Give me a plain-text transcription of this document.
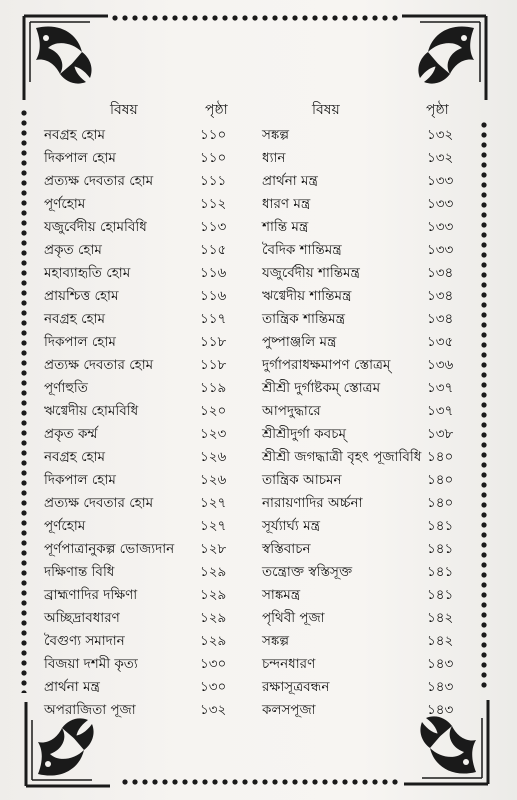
বিষয়	পৃষ্ঠা	বিষয়	পৃষ্ঠা
নবগ্রহ হোম	১১০	সঙ্কল্প	১৩২
দিকপাল হোম	১১০	ধ্যান	১৩২
প্রত্যক্ষ দেবতার হোম	১১১	প্রার্থনা মন্ত্র	১৩৩
পূর্ণহোম	১১২	ধারণ মন্ত্র	১৩৩
যজুর্বেদীয় হোমবিধি	১১৩	শান্তি মন্ত্র	১৩৩
প্রকৃত হোম	১১৫	বৈদিক শান্তিমন্ত্র	১৩৩
মহাব্যাহৃতি হোম	১১৬	যজুর্বেদীয় শান্তিমন্ত্র	১৩৪
প্রায়শ্চিত্ত হোম	১১৬	ঋগ্বেদীয় শান্তিমন্ত্র	১৩৪
নবগ্রহ হোম	১১৭	তান্ত্রিক শান্তিমন্ত্র	১৩৪
দিকপাল হোম	১১৮	পুষ্পাঞ্জলি মন্ত্র	১৩৫
প্রত্যক্ষ দেবতার হোম	১১৮	দুর্গাপরাধক্ষমাপণ স্তোত্রম্	১৩৬
পূর্ণাহুতি	১১৯	শ্রীশ্রী দুর্গাষ্টকম্ স্তোত্রম	১৩৭
ঋগ্বেদীয় হোমবিধি	১২০	আপদুদ্ধারে	১৩৭
প্রকৃত কর্ম্ম	১২৩	শ্রীশ্রীদুর্গা কবচম্	১৩৮
নবগ্রহ হোম	১২৬	শ্রীশ্রী জগদ্ধাত্রী বৃহৎ পূজাবিধি ১৪০
দিকপাল হোম	১২৬	তান্ত্রিক আচমন	১৪০
প্রত্যক্ষ দেবতার হোম	১২৭	নারায়ণাদির অর্চ্চনা	১৪০
পূর্ণহোম	১২৭	সূর্য্যার্ঘ্য মন্ত্র	১৪১
পূর্ণপাত্রানুকল্প ভোজ্যদান ১২৮	স্বস্তিবাচন	১৪১
দক্ষিণান্ত বিধি	১২৯	তন্ত্রোক্ত স্বস্তিসূক্ত	১৪১
ব্রাহ্মণাদির দক্ষিণা	১২৯	সাঙ্কমন্ত্র	১৪১
অচ্ছিদ্রাবধারণ	১২৯	পৃথিবী পূজা	১৪২
বৈগুণ্য সমাদান	১২৯	সঙ্কল্প	১৪২
বিজয়া দশমী কৃত্য	১৩০	চন্দনধারণ	১৪৩
প্রার্থনা মন্ত্র	১৩০	রক্ষাসূত্রবন্ধন	১৪৩
অপরাজিতা পূজা	১৩২	কলসপূজা	১৪৩
